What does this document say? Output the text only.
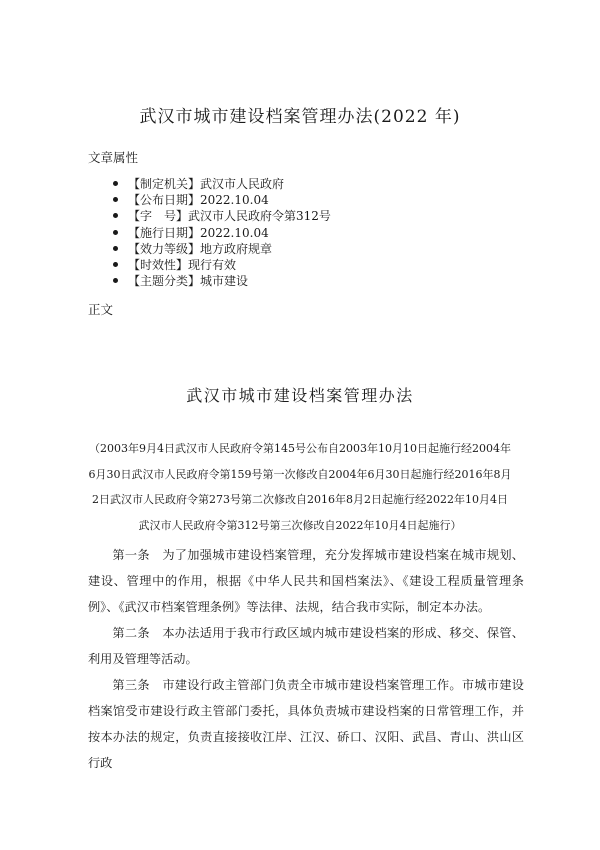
武汉市城市建设档案管理办法(2022 年)

文章属性

【制定机关】武汉市人民政府
【公布日期】2022.10.04
【字　号】武汉市人民政府令第312号
【施行日期】2022.10.04
【效力等级】地方政府规章
【时效性】现行有效
【主题分类】城市建设

正文

武汉市城市建设档案管理办法

（2003年9月4日武汉市人民政府令第145号公布自2003年10月10日起施行经2004年6月30日武汉市人民政府令第159号第一次修改自2004年6月30日起施行经2016年8月2日武汉市人民政府令第273号第二次修改自2016年8月2日起施行经2022年10月4日武汉市人民政府令第312号第三次修改自2022年10月4日起施行）

第一条　为了加强城市建设档案管理，充分发挥城市建设档案在城市规划、建设、管理中的作用，根据《中华人民共和国档案法》、《建设工程质量管理条例》、《武汉市档案管理条例》等法律、法规，结合我市实际，制定本办法。

第二条　本办法适用于我市行政区域内城市建设档案的形成、移交、保管、利用及管理等活动。

第三条　市建设行政主管部门负责全市城市建设档案管理工作。市城市建设档案馆受市建设行政主管部门委托，具体负责城市建设档案的日常管理工作，并按本办法的规定，负责直接接收江岸、江汉、硚口、汉阳、武昌、青山、洪山区行政
